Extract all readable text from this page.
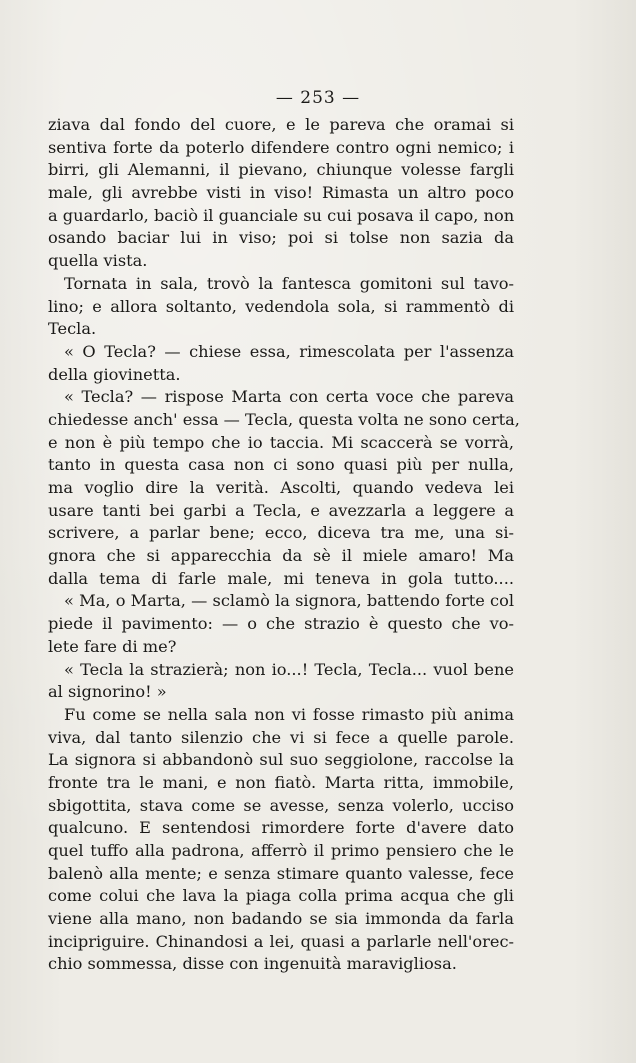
— 253 —
ziava dal fondo del cuore, e le pareva che oramai si
sentiva forte da poterlo difendere contro ogni nemico; i
birri, gli Alemanni, il pievano, chiunque volesse fargli
male, gli avrebbe visti in viso! Rimasta un altro poco
a guardarlo, baciò il guanciale su cui posava il capo, non
osando baciar lui in viso; poi si tolse non sazia da
quella vista.
Tornata in sala, trovò la fantesca gomitoni sul tavo-
lino; e allora soltanto, vedendola sola, si rammentò di
Tecla.
« O Tecla? — chiese essa, rimescolata per l'assenza
della giovinetta.
« Tecla? — rispose Marta con certa voce che pareva
chiedesse anch' essa — Tecla, questa volta ne sono certa,
e non è più tempo che io taccia. Mi scaccerà se vorrà,
tanto in questa casa non ci sono quasi più per nulla,
ma voglio dire la verità. Ascolti, quando vedeva lei
usare tanti bei garbi a Tecla, e avezzarla a leggere a
scrivere, a parlar bene; ecco, diceva tra me, una si-
gnora che si apparecchia da sè il miele amaro! Ma
dalla tema di farle male, mi teneva in gola tutto....
« Ma, o Marta, — sclamò la signora, battendo forte col
piede il pavimento: — o che strazio è questo che vo-
lete fare di me?
« Tecla la strazierà; non io...! Tecla, Tecla... vuol bene
al signorino! »
Fu come se nella sala non vi fosse rimasto più anima
viva, dal tanto silenzio che vi si fece a quelle parole.
La signora si abbandonò sul suo seggiolone, raccolse la
fronte tra le mani, e non fiatò. Marta ritta, immobile,
sbigottita, stava come se avesse, senza volerlo, ucciso
qualcuno. E sentendosi rimordere forte d'avere dato
quel tuffo alla padrona, afferrò il primo pensiero che le
balenò alla mente; e senza stimare quanto valesse, fece
come colui che lava la piaga colla prima acqua che gli
viene alla mano, non badando se sia immonda da farla
incipriguire. Chinandosi a lei, quasi a parlarle nell'orec-
chio sommessa, disse con ingenuità maravigliosa.
